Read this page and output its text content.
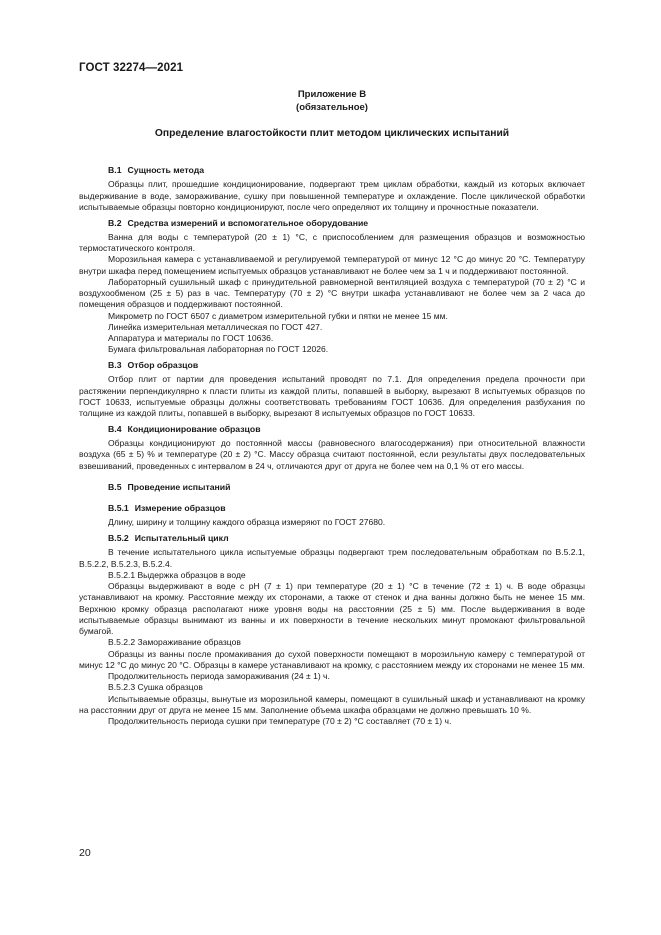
ГОСТ 32274—2021
Приложение В
(обязательное)
Определение влагостойкости плит методом циклических испытаний
В.1 Сущность метода

Образцы плит, прошедшие кондиционирование, подвергают трем циклам обработки, каждый из которых включает выдерживание в воде, замораживание, сушку при повышенной температуре и охлаждение. После циклической обработки испытываемые образцы повторно кондиционируют, после чего определяют их толщину и прочностные показатели.

В.2 Средства измерений и вспомогательное оборудование

Ванна для воды с температурой (20 ± 1) °С, с приспособлением для размещения образцов и возможностью термостатического контроля.

Морозильная камера с устанавливаемой и регулируемой температурой от минус 12 °С до минус 20 °С. Температуру внутри шкафа перед помещением испытуемых образцов устанавливают не более чем за 1 ч и поддерживают постоянной.

Лабораторный сушильный шкаф с принудительной равномерной вентиляцией воздуха с температурой (70 ± 2) °С и воздухообменом (25 ± 5) раз в час. Температуру (70 ± 2) °С внутри шкафа устанавливают не более чем за 2 часа до помещения образцов и поддерживают постоянной.

Микрометр по ГОСТ 6507 с диаметром измерительной губки и пятки не менее 15 мм.

Линейка измерительная металлическая по ГОСТ 427.

Аппаратура и материалы по ГОСТ 10636.

Бумага фильтровальная лабораторная по ГОСТ 12026.

В.3 Отбор образцов

Отбор плит от партии для проведения испытаний проводят по 7.1. Для определения предела прочности при растяжении перпендикулярно к пласти плиты из каждой плиты, попавшей в выборку, вырезают 8 испытуемых образцов по ГОСТ 10633, испытуемые образцы должны соответствовать требованиям ГОСТ 10636. Для определения разбухания по толщине из каждой плиты, попавшей в выборку, вырезают 8 испытуемых образцов по ГОСТ 10633.

В.4 Кондиционирование образцов

Образцы кондиционируют до постоянной массы (равновесного влагосодержания) при относительной влажности воздуха (65 ± 5) % и температуре (20 ± 2) °С. Массу образца считают постоянной, если результаты двух последовательных взвешиваний, проведенных с интервалом в 24 ч, отличаются друг от друга не более чем на 0,1 % от его массы.

В.5 Проведение испытаний
В.5.1 Измерение образцов

Длину, ширину и толщину каждого образца измеряют по ГОСТ 27680.

В.5.2 Испытательный цикл

В течение испытательного цикла испытуемые образцы подвергают трем последовательным обработкам по В.5.2.1, В.5.2.2, В.5.2.3, В.5.2.4.

В.5.2.1 Выдержка образцов в воде

Образцы выдерживают в воде с pH (7 ± 1) при температуре (20 ± 1) °С в течение (72 ± 1) ч. В воде образцы устанавливают на кромку. Расстояние между их сторонами, а также от стенок и дна ванны должно быть не менее 15 мм. Верхнюю кромку образца располагают ниже уровня воды на расстоянии (25 ± 5) мм. После выдерживания в воде испытываемые образцы вынимают из ванны и их поверхности в течение нескольких минут промокают фильтровальной бумагой.

В.5.2.2 Замораживание образцов

Образцы из ванны после промакивания до сухой поверхности помещают в морозильную камеру с температурой от минус 12 °С до минус 20 °С. Образцы в камере устанавливают на кромку, с расстоянием между их сторонами не менее 15 мм.

Продолжительность периода замораживания (24 ± 1) ч.

В.5.2.3 Сушка образцов

Испытываемые образцы, вынутые из морозильной камеры, помещают в сушильный шкаф и устанавливают на кромку на расстоянии друг от друга не менее 15 мм. Заполнение объема шкафа образцами не должно превышать 10 %.

Продолжительность периода сушки при температуре (70 ± 2) °С составляет (70 ± 1) ч.

20
